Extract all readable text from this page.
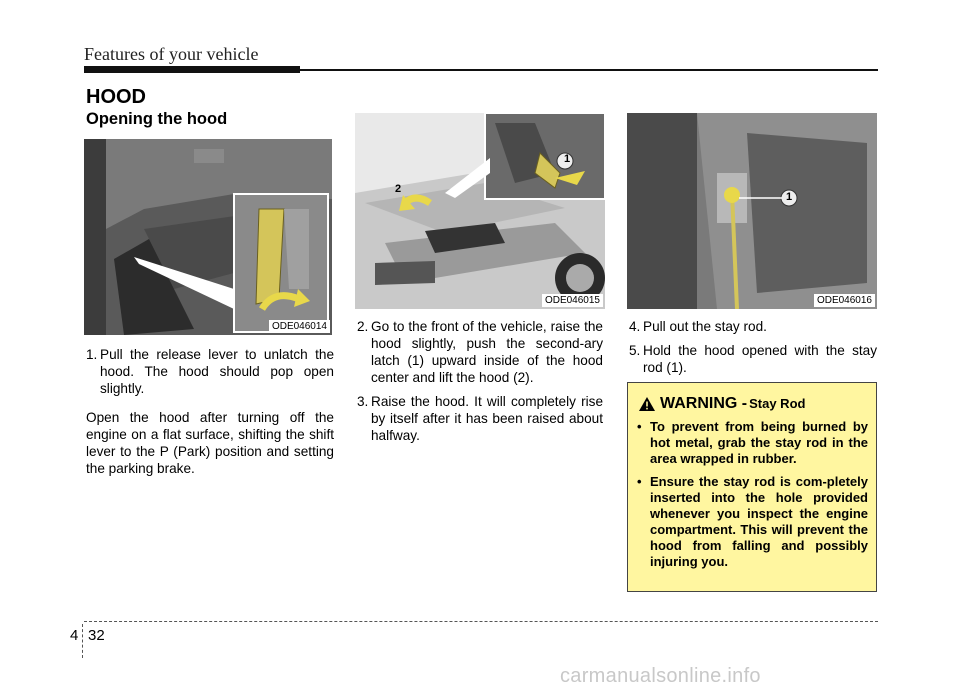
Features of your vehicle
HOOD
Opening the hood
ODE046014
1
2
ODE046015
1
ODE046016
1. Pull the release lever to unlatch the hood. The hood should pop open slightly.
Open the hood after turning off the engine on a flat surface, shifting the shift lever to the P (Park) position and setting the parking brake.
2. Go to the front of the vehicle, raise the hood slightly, push the second-ary latch (1) upward inside of the hood center and lift the hood (2).
3. Raise the hood. It will completely rise by itself after it has been raised about halfway.
4. Pull out the stay rod.
5. Hold the hood opened with the stay rod (1).
WARNING - Stay Rod
• To prevent from being burned by hot metal, grab the stay rod in the area wrapped in rubber.
• Ensure the stay rod is com-pletely inserted into the hole provided whenever you inspect the engine compartment. This will prevent the hood from falling and possibly injuring you.
4 32
carmanualsonline.info
